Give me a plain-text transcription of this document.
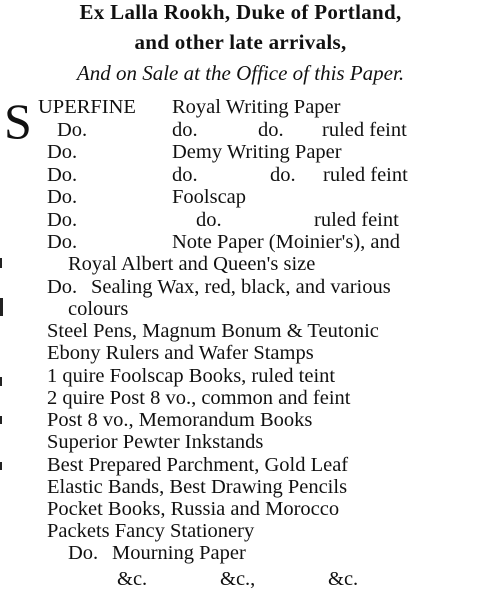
Ex Lalla Rookh, Duke of Portland,
and other late arrivals,
And on Sale at the Office of this Paper.
S UPERFINE Royal Writing Paper
Do.	do.	do. ruled feint
Do.	Demy Writing Paper
Do.	do.	do. ruled feint
Do.	Foolscap
Do.	do.	ruled feint
Do.	Note Paper (Moinier's), and
Royal Albert and Queen's size
Do. Sealing Wax, red, black, and various
colours
Steel Pens, Magnum Bonum & Teutonic
Ebony Rulers and Wafer Stamps
1 quire Foolscap Books, ruled teint
2 quire Post 8 vo., common and feint
Post 8 vo., Memorandum Books
Superior Pewter Inkstands
Best Prepared Parchment, Gold Leaf
Elastic Bands, Best Drawing Pencils
Pocket Books, Russia and Morocco
Packets Fancy Stationery
Do. Mourning Paper
&c.	&c.,	&c.
